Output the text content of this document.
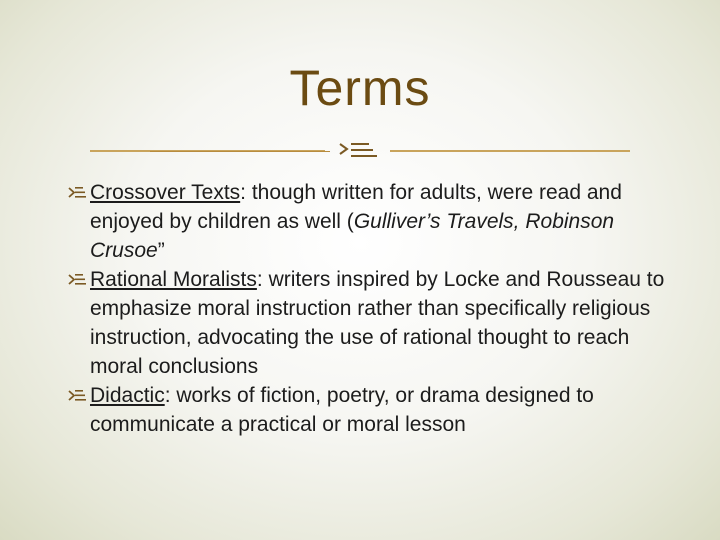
Terms
Crossover Texts: though written for adults, were read and enjoyed by children as well (Gulliver’s Travels, Robinson Crusoe”
Rational Moralists: writers inspired by Locke and Rousseau to emphasize moral instruction rather than specifically religious instruction, advocating the use of rational thought to reach moral conclusions
Didactic: works of fiction, poetry, or drama designed to communicate a practical or moral lesson
